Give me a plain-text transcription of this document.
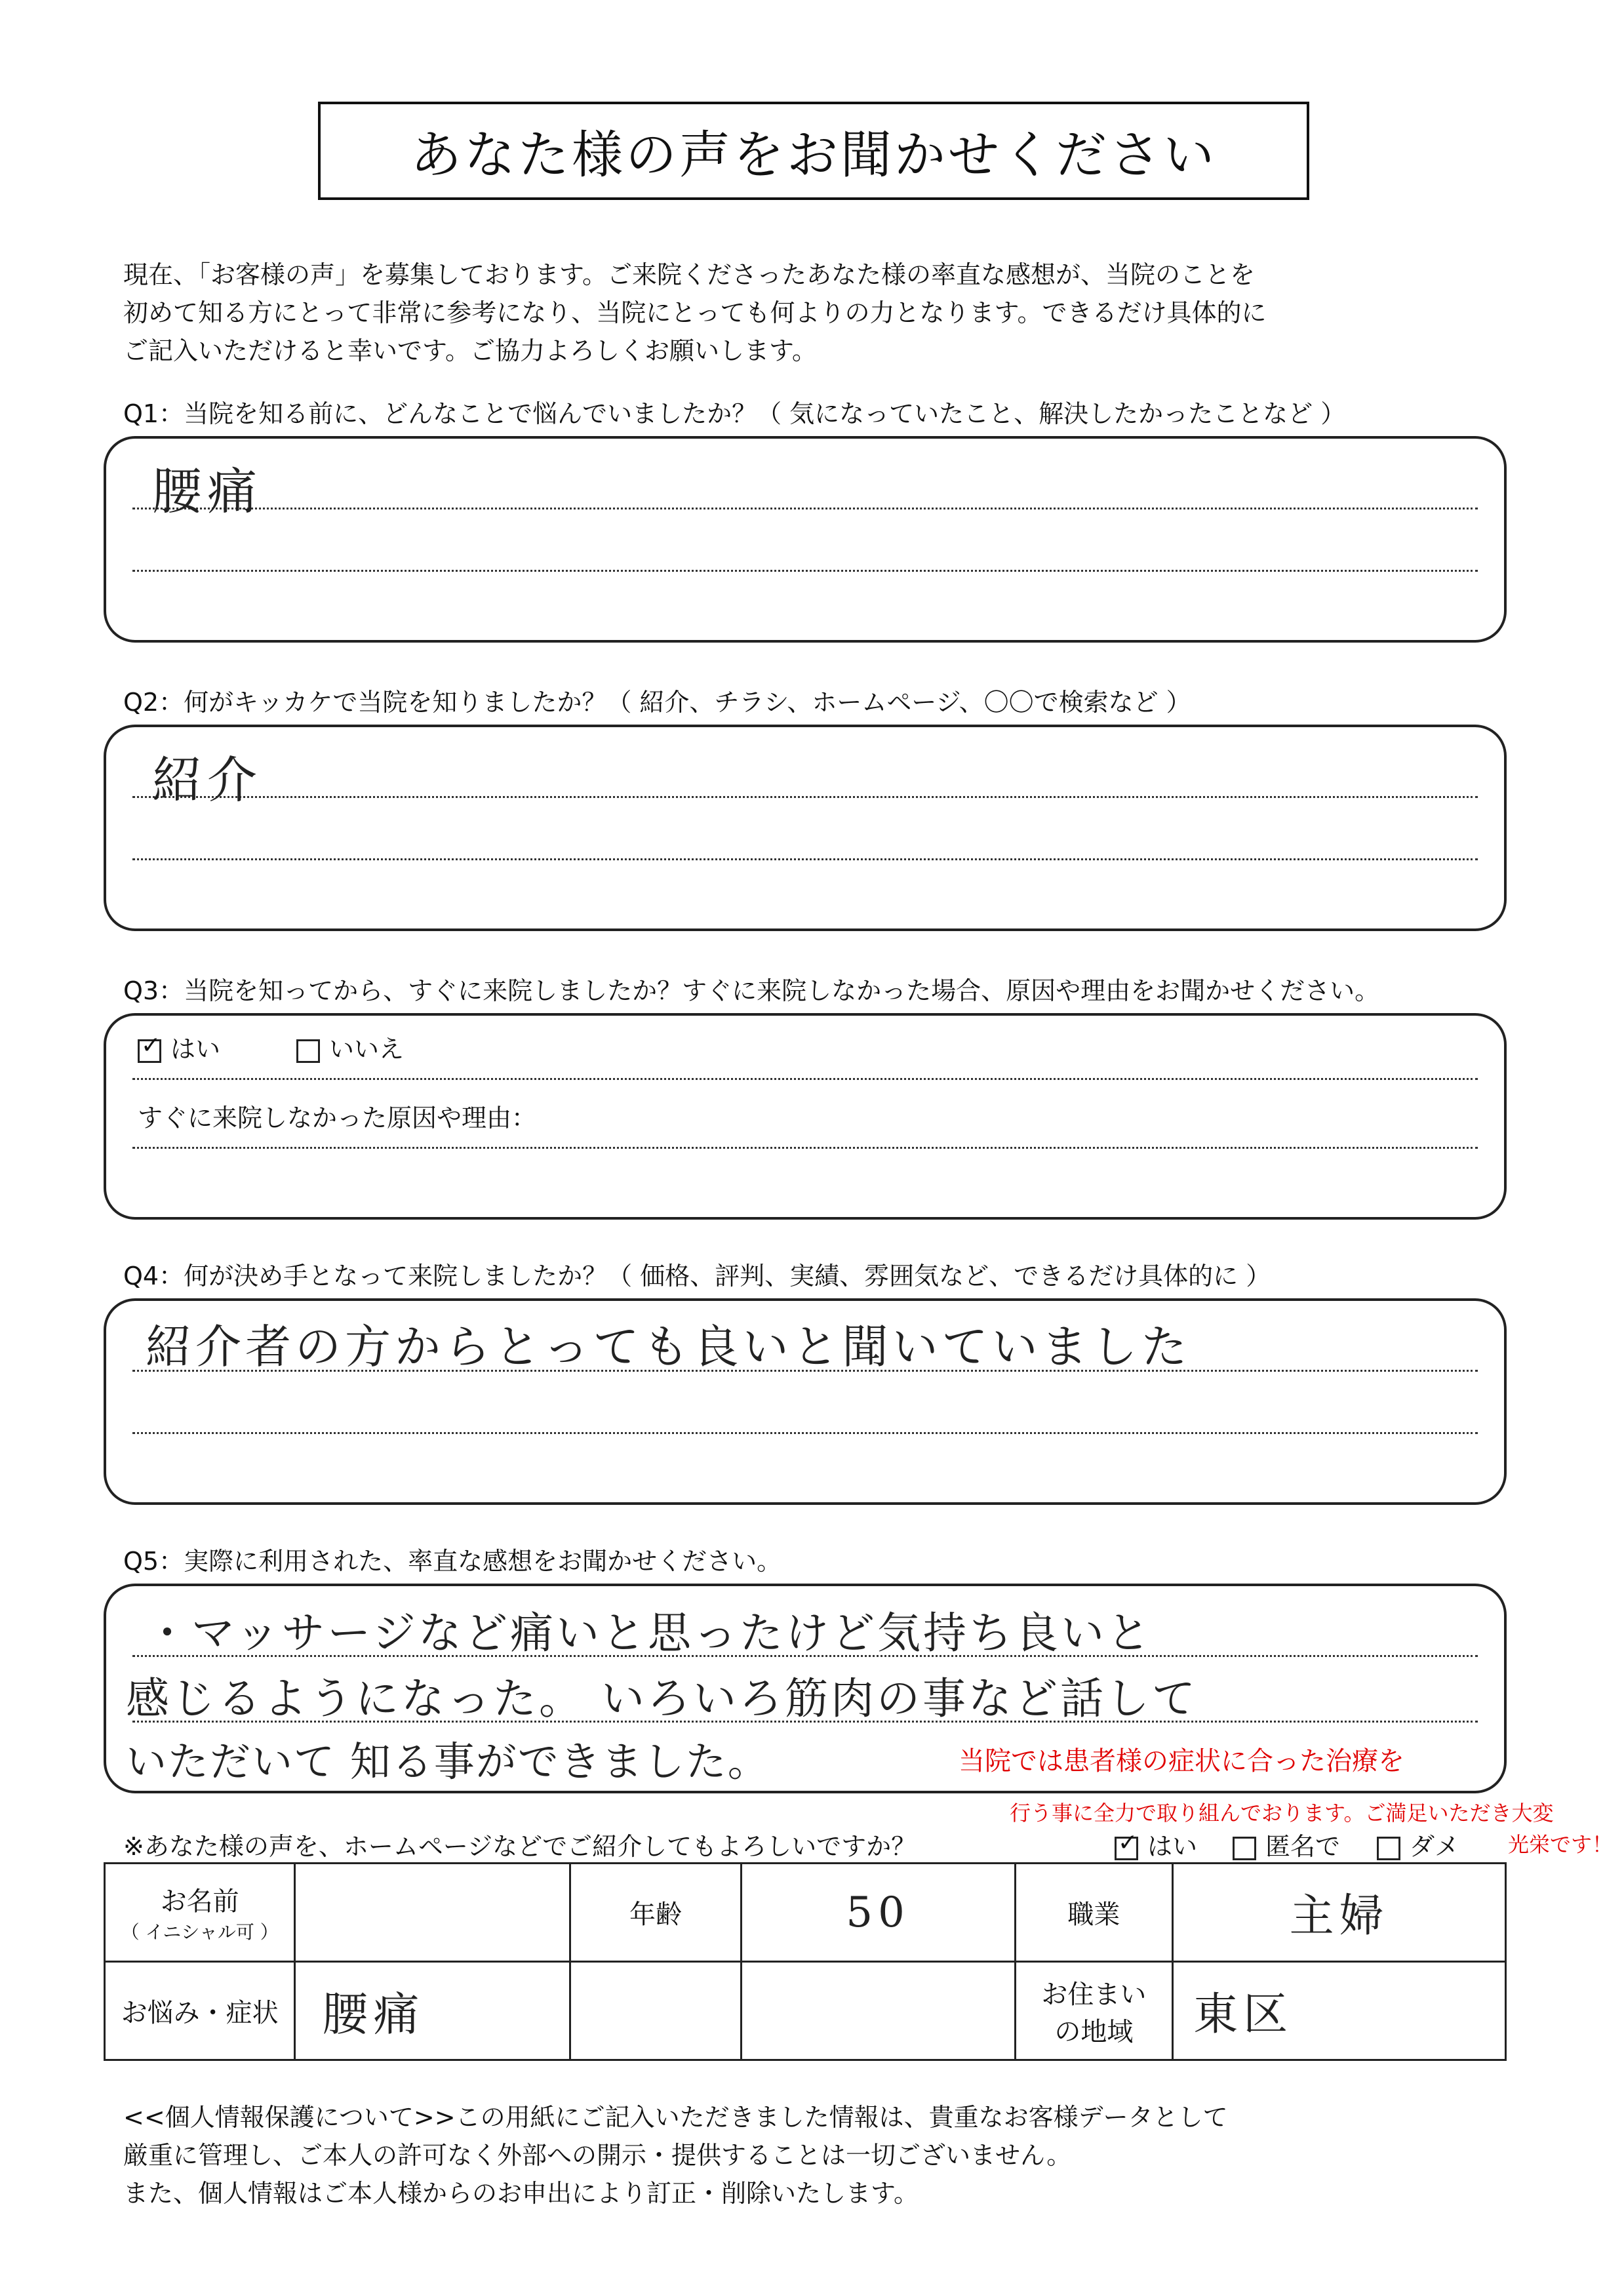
あなた様の声をお聞かせください
現在、「お客様の声」を募集しております。ご来院くださったあなた様の率直な感想が、当院のことを
初めて知る方にとって非常に参考になり、当院にとっても何よりの力となります。できるだけ具体的に
ご記入いただけると幸いです。ご協力よろしくお願いします。
Q1：当院を知る前に、どんなことで悩んでいましたか？（ 気になっていたこと、解決したかったことなど ）
腰痛
Q2：何がキッカケで当院を知りましたか？（ 紹介、チラシ、ホームページ、〇〇で検索など ）
紹介
Q3：当院を知ってから、すぐに来院しましたか？すぐに来院しなかった場合、原因や理由をお聞かせください。
✓はい	いいえ
すぐに来院しなかった原因や理由：
Q4：何が決め手となって来院しましたか？（ 価格、評判、実績、雰囲気など、できるだけ具体的に ）
紹介者の方からとっても良いと聞いていました
Q5：実際に利用された、率直な感想をお聞かせください。
・マッサージなど痛いと思ったけど気持ち良いと
感じるようになった。 いろいろ筋肉の事など話して
いただいて 知る事ができました。	当院では患者様の症状に合った治療を
行う事に全力で取り組んでおります。ご満足いただき大変
光栄です！
※あなた様の声を、ホームページなどでご紹介してもよろしいですか？ ✓	はい	匿名で	ダメ
お名前
（ イニシャル可 ）		年齢	50	職業	主婦
お悩み・症状	腰痛			お住まい
の地域	東区
<<個人情報保護について>>この用紙にご記入いただきました情報は、貴重なお客様データとして
厳重に管理し、ご本人の許可なく外部への開示・提供することは一切ございません。
また、個人情報はご本人様からのお申出により訂正・削除いたします。
